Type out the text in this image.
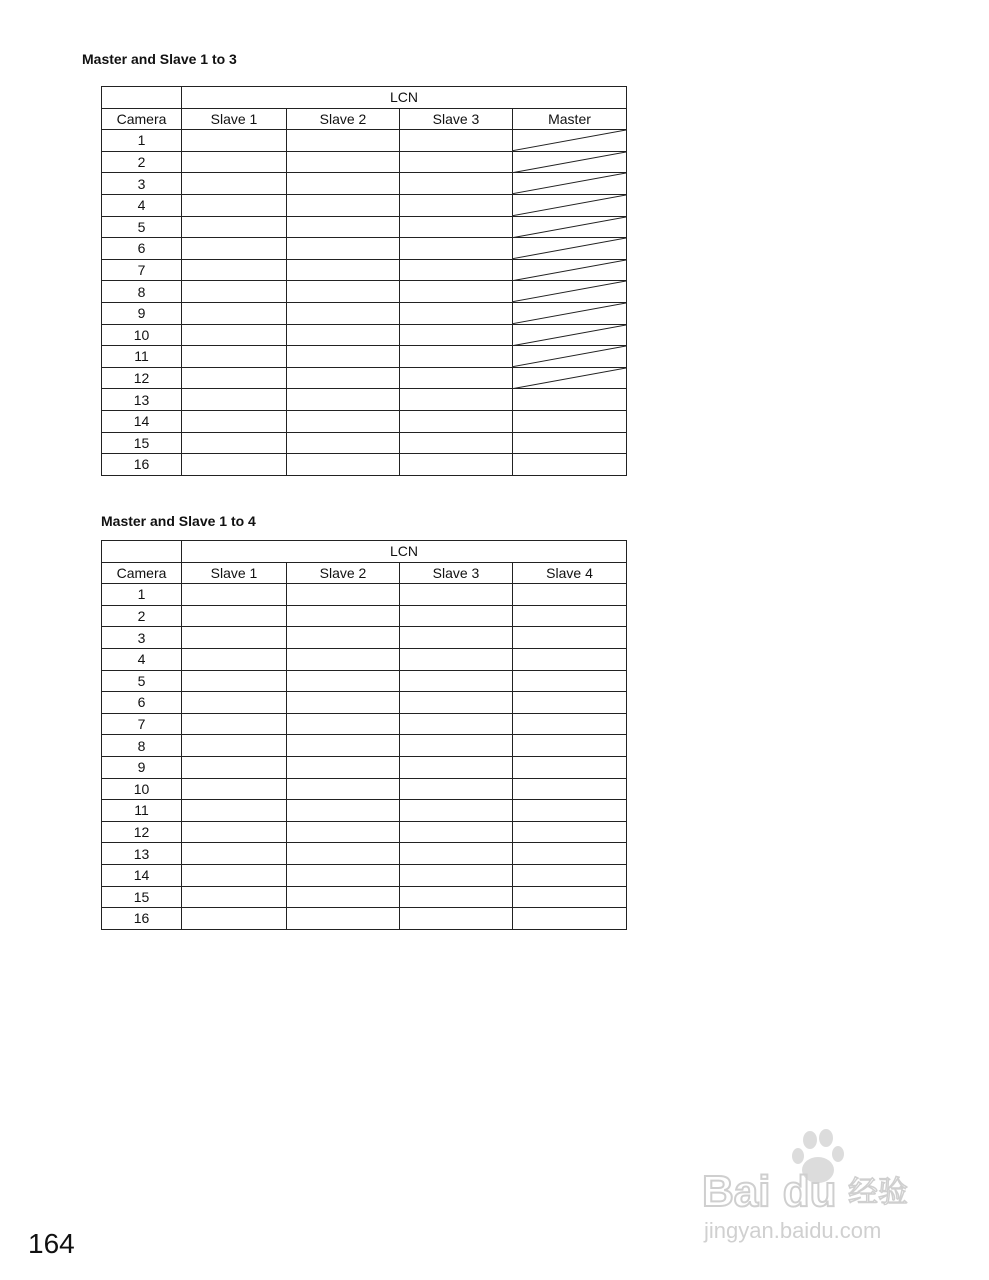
Master and Slave 1 to 3
	LCN			
Camera	Slave 1	Slave 2	Slave 3	Master
1				

2				

3				

4				

5				

6				

7				

8				

9				

10				

11				

12				

13				
14				
15				
16				
Master and Slave 1 to 4
	LCN			
Camera	Slave 1	Slave 2	Slave 3	Slave 4
1				
2				
3				
4				
5				
6				
7				
8				
9				
10				
11				
12				
13				
14				
15				
16				
164
Bai du 经验
jingyan.baidu.com
